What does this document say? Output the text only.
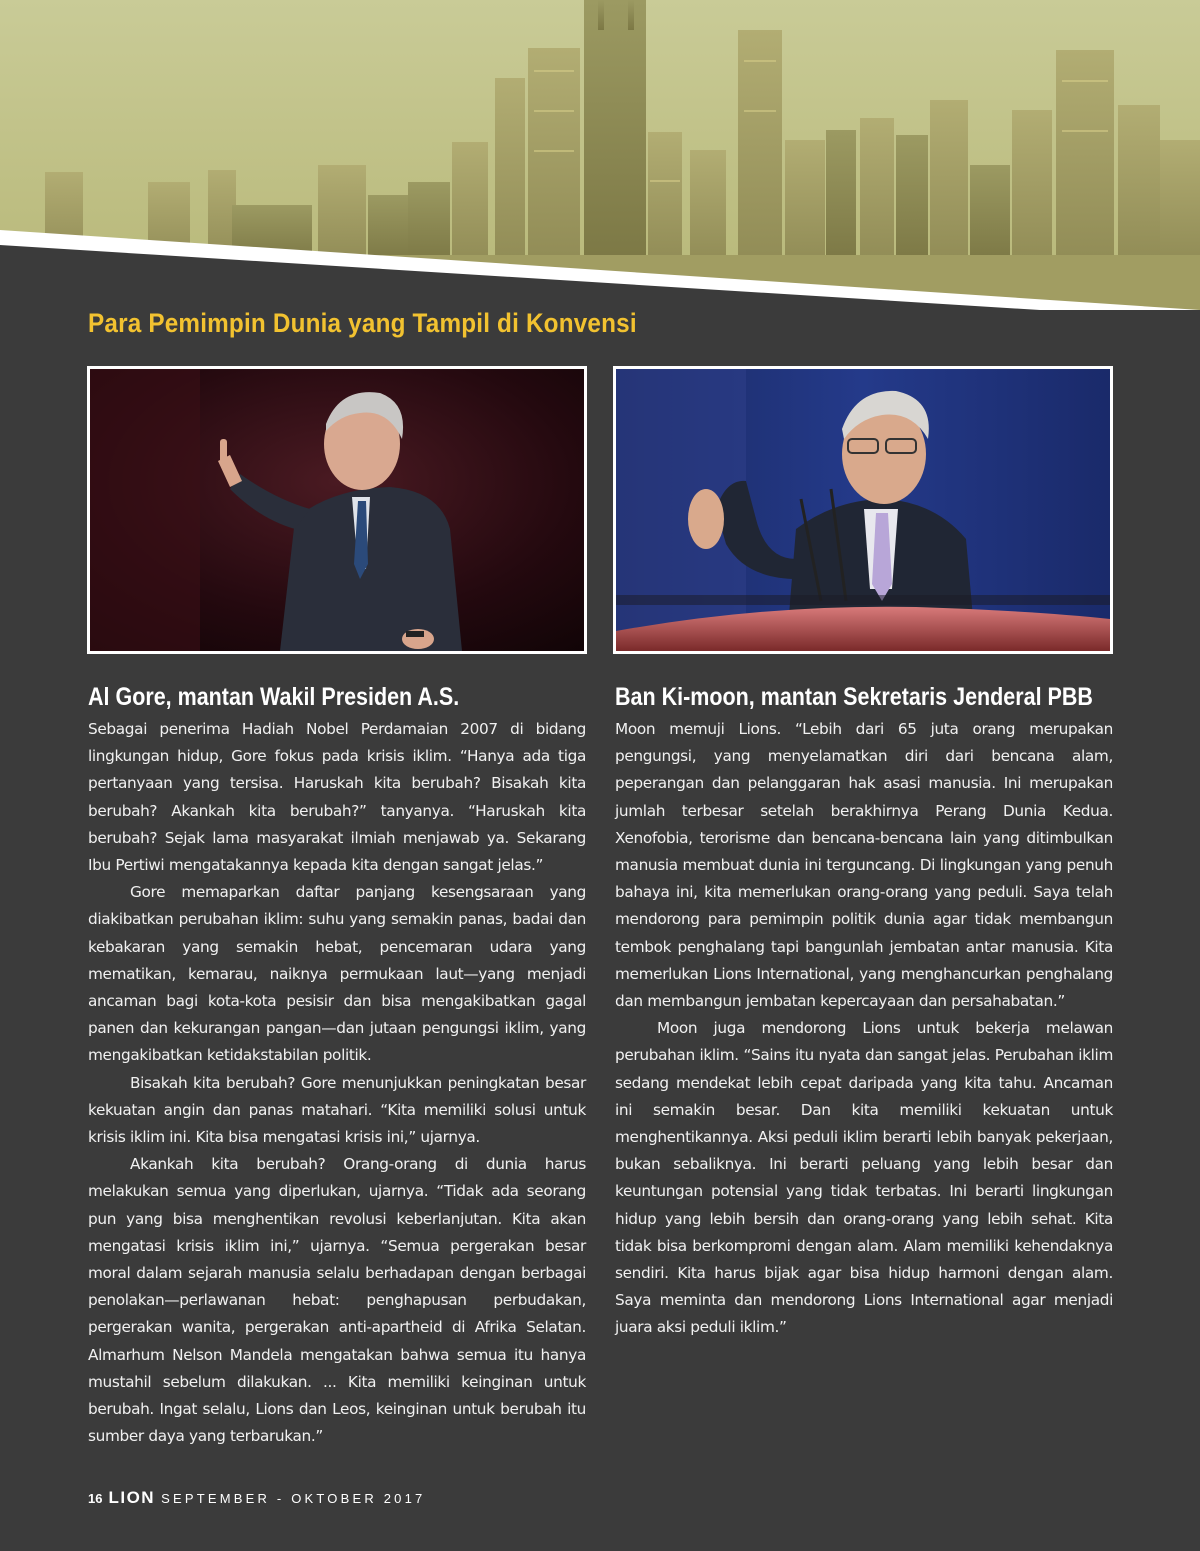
Para Pemimpin Dunia yang Tampil di Konvensi
Al Gore, mantan Wakil Presiden A.S.

Sebagai penerima Hadiah Nobel Perdamaian 2007 di bidang lingkungan hidup, Gore fokus pada krisis iklim. “Hanya ada tiga pertanyaan yang tersisa. Haruskah kita berubah? Bisakah kita berubah? Akankah kita berubah?” tanyanya. “Haruskah kita berubah? Sejak lama masyarakat ilmiah menjawab ya. Sekarang Ibu Pertiwi mengatakannya kepada kita dengan sangat jelas.”

Gore memaparkan daftar panjang kesengsaraan yang diakibatkan perubahan iklim: suhu yang semakin panas, badai dan kebakaran yang semakin hebat, pencemaran udara yang mematikan, kemarau, naiknya permukaan laut—yang menjadi ancaman bagi kota-kota pesisir dan bisa mengakibatkan gagal panen dan kekurangan pangan—dan jutaan pengungsi iklim, yang mengakibatkan ketidakstabilan politik.

Bisakah kita berubah? Gore menunjukkan peningkatan besar kekuatan angin dan panas matahari. “Kita memiliki solusi untuk krisis iklim ini. Kita bisa mengatasi krisis ini,” ujarnya.

Akankah kita berubah? Orang-orang di dunia harus melakukan semua yang diperlukan, ujarnya. “Tidak ada seorang pun yang bisa menghentikan revolusi keberlanjutan. Kita akan mengatasi krisis iklim ini,” ujarnya. “Semua pergerakan besar moral dalam sejarah manusia selalu berhadapan dengan berbagai penolakan—perlawanan hebat: penghapusan perbudakan, pergerakan wanita, pergerakan anti-apartheid di Afrika Selatan. Almarhum Nelson Mandela mengatakan bahwa semua itu hanya mustahil sebelum dilakukan. ... Kita memiliki keinginan untuk berubah. Ingat selalu, Lions dan Leos, keinginan untuk berubah itu sumber daya yang terbarukan.”

Ban Ki-moon, mantan Sekretaris Jenderal PBB

Moon memuji Lions. “Lebih dari 65 juta orang merupakan pengungsi, yang menyelamatkan diri dari bencana alam, peperangan dan pelanggaran hak asasi manusia. Ini merupakan jumlah terbesar setelah berakhirnya Perang Dunia Kedua. Xenofobia, terorisme dan bencana-bencana lain yang ditimbulkan manusia membuat dunia ini terguncang. Di lingkungan yang penuh bahaya ini, kita memerlukan orang-orang yang peduli. Saya telah mendorong para pemimpin politik dunia agar tidak membangun tembok penghalang tapi bangunlah jembatan antar manusia. Kita memerlukan Lions International, yang menghancurkan penghalang dan membangun jembatan kepercayaan dan persahabatan.”

Moon juga mendorong Lions untuk bekerja melawan perubahan iklim. “Sains itu nyata dan sangat jelas. Perubahan iklim sedang mendekat lebih cepat daripada yang kita tahu. Ancaman ini semakin besar. Dan kita memiliki kekuatan untuk menghentikannya. Aksi peduli iklim berarti lebih banyak pekerjaan, bukan sebaliknya. Ini berarti peluang yang lebih besar dan keuntungan potensial yang tidak terbatas. Ini berarti lingkungan hidup yang lebih bersih dan orang-orang yang lebih sehat. Kita tidak bisa berkompromi dengan alam. Alam memiliki kehendaknya sendiri. Kita harus bijak agar bisa hidup harmoni dengan alam. Saya meminta dan mendorong Lions International agar menjadi juara aksi peduli iklim.”

16 LION SEPTEMBER - OKTOBER 2017
